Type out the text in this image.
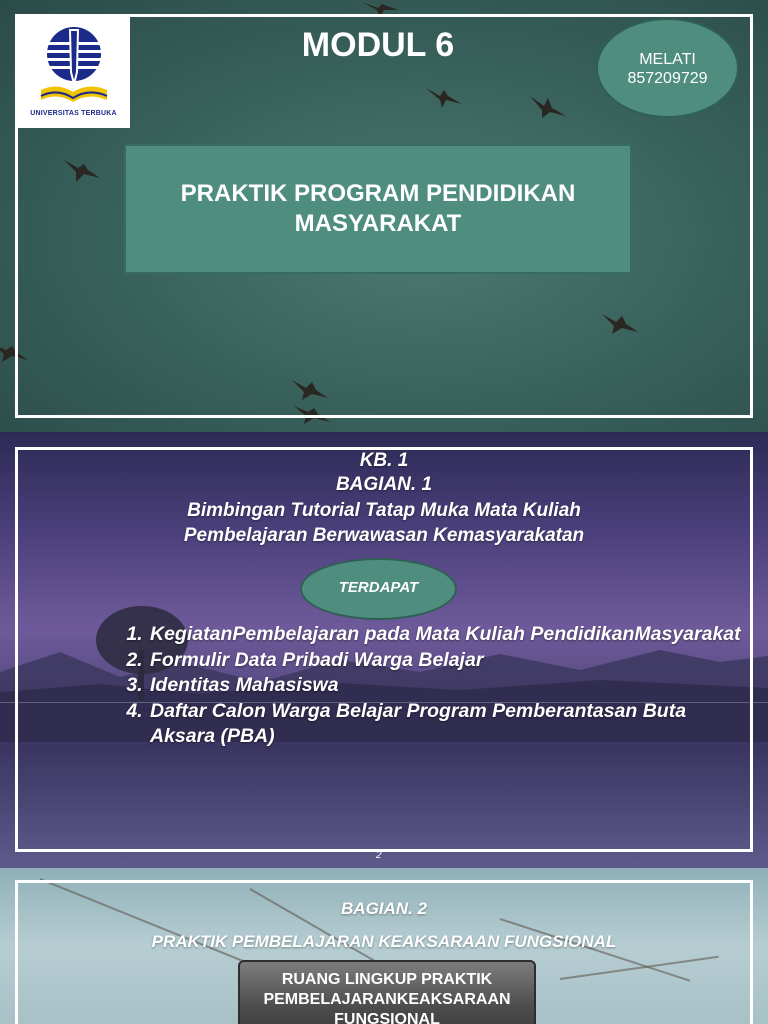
UNIVERSITAS TERBUKA
MODUL 6	MELATI
857209729
PRAKTIK PROGRAM PENDIDIKAN
MASYARAKAT
KB. 1
BAGIAN. 1
Bimbingan Tutorial Tatap Muka Mata Kuliah
Pembelajaran Berwawasan Kemasyarakatan
TERDAPAT
1. KegiatanPembelajaran pada Mata Kuliah PendidikanMasyarakat
2. Formulir Data Pribadi Warga Belajar
3. Identitas Mahasiswa
4. Daftar Calon Warga Belajar Program Pemberantasan Buta Aksara (PBA)
2
BAGIAN. 2
PRAKTIK PEMBELAJARAN KEAKSARAAN FUNGSIONAL
RUANG LINGKUP PRAKTIK
PEMBELAJARANKEAKSARAAN
FUNGSIONAL
